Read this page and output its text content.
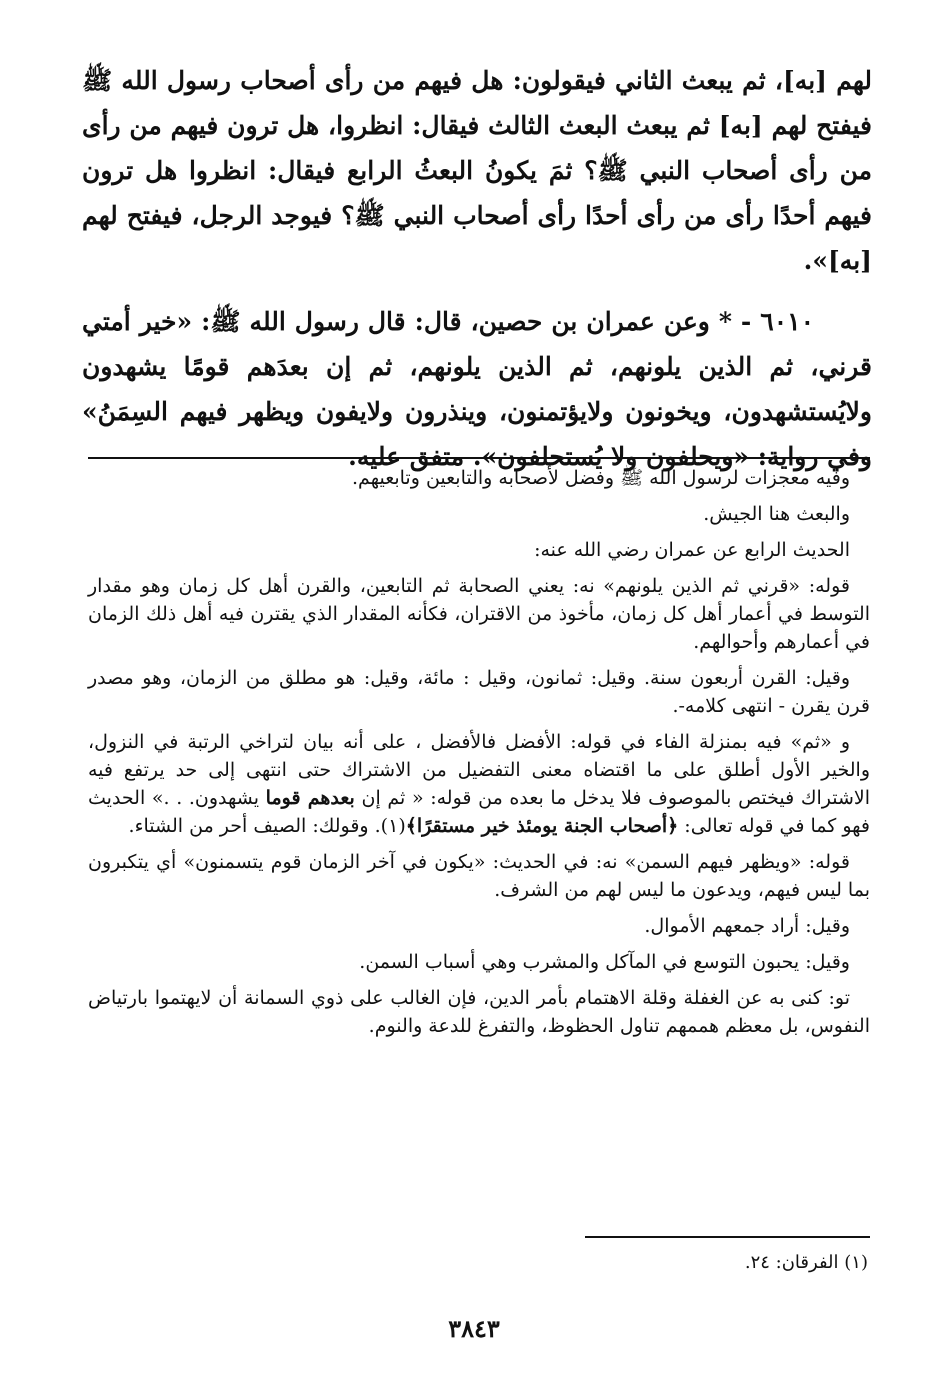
لهم [به]، ثم يبعث الثاني فيقولون: هل فيهم من رأى أصحاب رسول الله ﷺ فيفتح لهم [به] ثم يبعث البعث الثالث فيقال: انظروا، هل ترون فيهم من رأى من رأى أصحاب النبي ﷺ؟ ثمَ يكونُ البعثُ الرابع فيقال: انظروا هل ترون فيهم أحدًا رأى من رأى أحدًا رأى أصحاب النبي ﷺ؟ فيوجد الرجل، فيفتح لهم [به]».

٦٠١٠ - * وعن عمران بن حصين، قال: قال رسول الله ﷺ: «خير أمتي قرني، ثم الذين يلونهم، ثم الذين يلونهم، ثم إن بعدَهم قومًا يشهدون ولايُستشهدون، ويخونون ولايؤتمنون، وينذرون ولايفون ويظهر فيهم السِمَنُ» وفي رواية: «ويحلفون ولا يُستحلفون». متفق عليه.

وفيه معجزات لرسول الله ﷺ وفضل لأصحابه والتابعين وتابعيهم.

والبعث هنا الجيش.

الحديث الرابع عن عمران رضي الله عنه:

قوله: «قرني ثم الذين يلونهم» نه: يعني الصحابة ثم التابعين، والقرن أهل كل زمان وهو مقدار التوسط في أعمار أهل كل زمان، مأخوذ من الاقتران، فكأنه المقدار الذي يقترن فيه أهل ذلك الزمان في أعمارهم وأحوالهم.

وقيل: القرن أربعون سنة. وقيل: ثمانون، وقيل : مائة، وقيل: هو مطلق من الزمان، وهو مصدر قرن يقرن - انتهى كلامه-.

و «ثم» فيه بمنزلة الفاء في قوله: الأفضل فالأفضل ، على أنه بيان لتراخي الرتبة في النزول، والخير الأول أطلق على ما اقتضاه معنى التفضيل من الاشتراك حتى انتهى إلى حد يرتفع فيه الاشتراك فيختص بالموصوف فلا يدخل ما بعده من قوله: « ثم إن بعدهم قوما يشهدون. . .» الحديث فهو كما في قوله تعالى: ﴿أصحاب الجنة يومئذ خير مستقرًا﴾(١). وقولك: الصيف أحر من الشتاء.

قوله: «ويظهر فيهم السمن» نه: في الحديث: «يكون في آخر الزمان قوم يتسمنون» أي يتكبرون بما ليس فيهم، ويدعون ما ليس لهم من الشرف.

وقيل: أراد جمعهم الأموال.

وقيل: يحبون التوسع في المآكل والمشرب وهي أسباب السمن.

تو: كنى به عن الغفلة وقلة الاهتمام بأمر الدين، فإن الغالب على ذوي السمانة أن لايهتموا بارتياض النفوس، بل معظم هممهم تناول الحظوظ، والتفرغ للدعة والنوم.

(١) الفرقان: ٢٤.
٣٨٤٣
